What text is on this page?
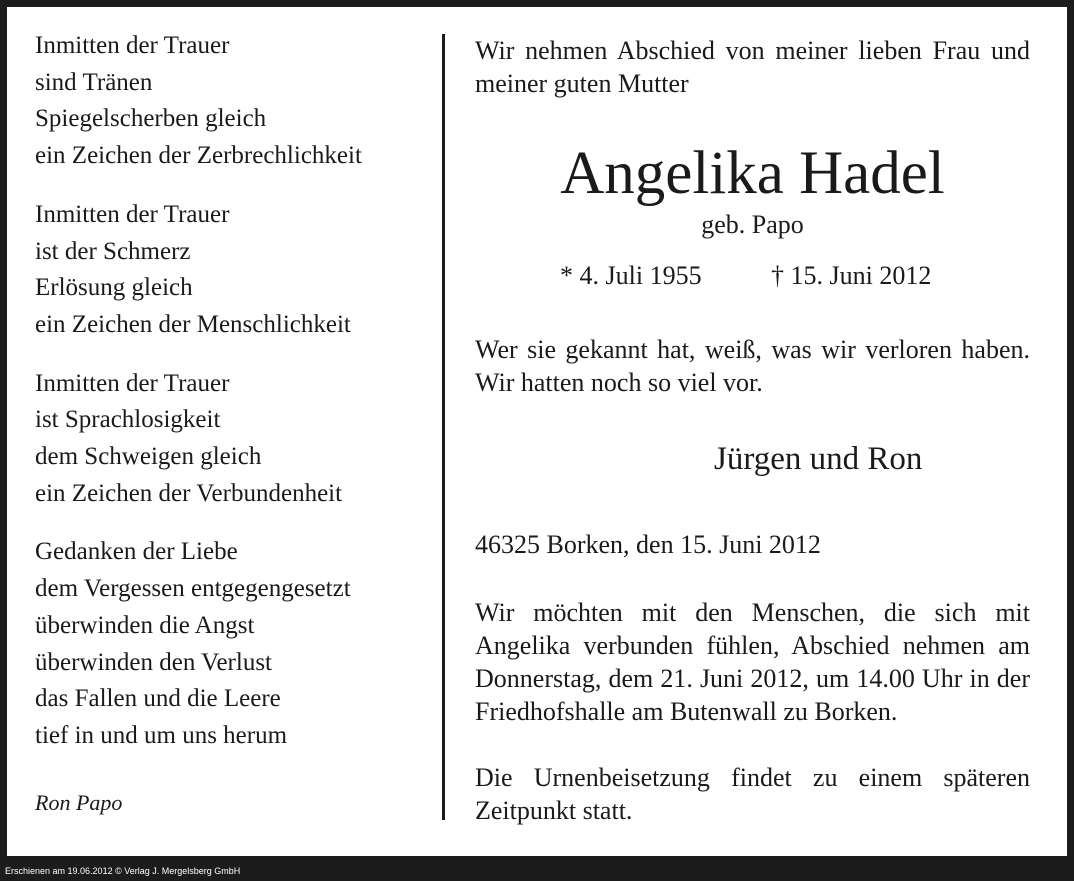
Inmitten der Trauer
sind Tränen
Spiegelscherben gleich
ein Zeichen der Zerbrechlichkeit
Inmitten der Trauer
ist der Schmerz
Erlösung gleich
ein Zeichen der Menschlichkeit
Inmitten der Trauer
ist Sprachlosigkeit
dem Schweigen gleich
ein Zeichen der Verbundenheit
Gedanken der Liebe
dem Vergessen entgegengesetzt
überwinden die Angst
überwinden den Verlust
das Fallen und die Leere
tief in und um uns herum
Ron Papo
Wir nehmen Abschied von meiner lieben Frau und meiner guten Mutter
Angelika Hadel
geb. Papo
* 4. Juli 1955	† 15. Juni 2012
Wer sie gekannt hat, weiß, was wir verloren haben. Wir hatten noch so viel vor.
Jürgen und Ron
46325 Borken, den 15. Juni 2012
Wir möchten mit den Menschen, die sich mit Angelika verbunden fühlen, Abschied nehmen am Donnerstag, dem 21. Juni 2012, um 14.00 Uhr in der Friedhofshalle am Butenwall zu Borken.
Die Urnenbeisetzung findet zu einem späteren Zeitpunkt statt.
Erschienen am 19.06.2012 © Verlag J. Mergelsberg GmbH
